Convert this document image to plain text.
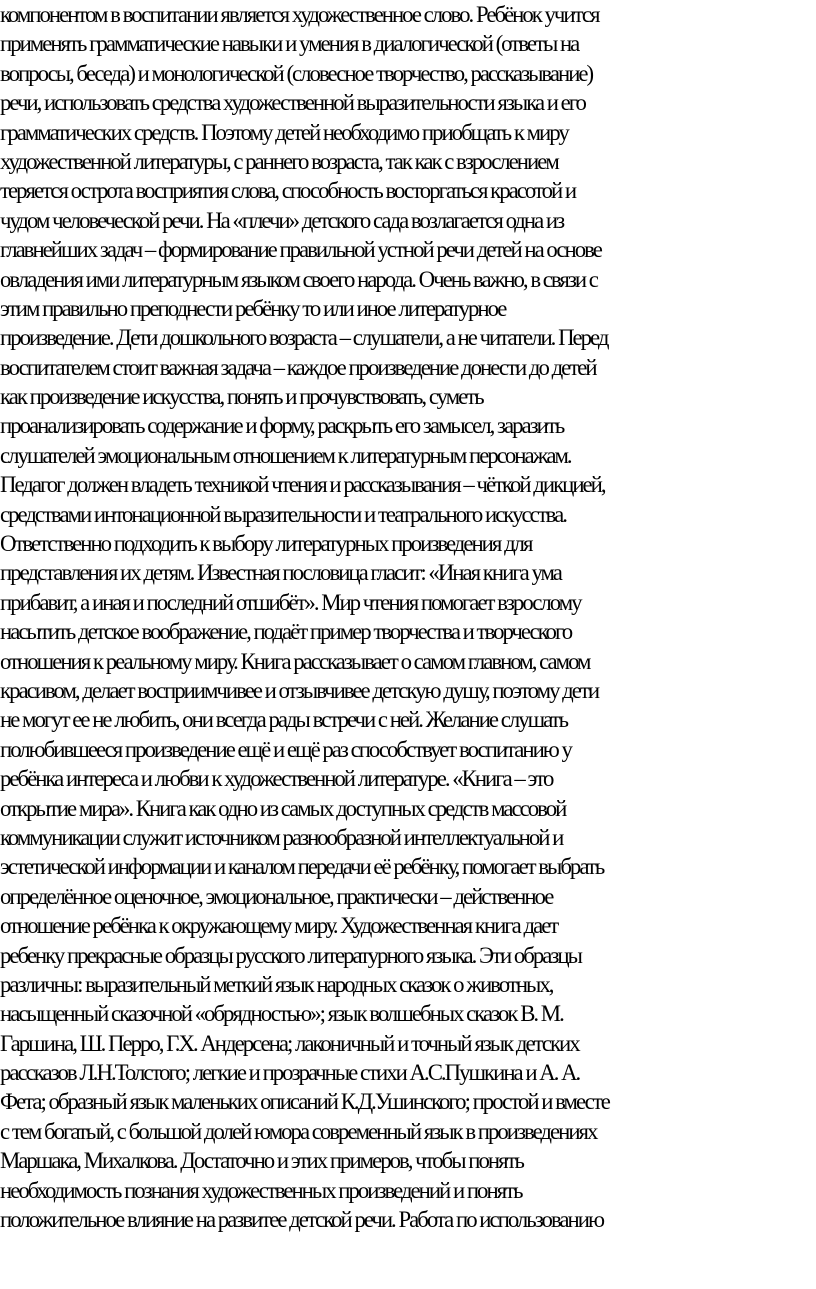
компонентом в воспитании является художественное слово. Ребёнок учится
применять грамматические навыки и умения в диалогической (ответы на
вопросы, беседа) и монологической (словесное творчество, рассказывание)
речи, использовать средства художественной выразительности языка и его
грамматических средств. Поэтому детей необходимо приобщать к миру
художественной литературы, с раннего возраста, так как с взрослением
теряется острота восприятия слова, способность восторгаться красотой и
чудом человеческой речи. На «плечи» детского сада возлагается одна из
главнейших задач – формирование правильной устной речи детей на основе
овладения ими литературным языком своего народа. Очень важно, в связи с
этим правильно преподнести ребёнку то или иное литературное
произведение. Дети дошкольного возраста – слушатели, а не читатели. Перед
воспитателем стоит важная задача – каждое произведение донести до детей
как произведение искусства, понять и прочувствовать, суметь
проанализировать содержание и форму, раскрыть его замысел, заразить
слушателей эмоциональным отношением к литературным персонажам.
Педагог должен владеть техникой чтения и рассказывания – чёткой дикцией,
средствами интонационной выразительности и театрального искусства.
Ответственно подходить к выбору литературных произведения для
представления их детям. Известная пословица гласит: «Иная книга ума
прибавит, а иная и последний отшибёт». Мир чтения помогает взрослому
насытить детское воображение, подаёт пример творчества и творческого
отношения к реальному миру. Книга рассказывает о самом главном, самом
красивом, делает восприимчивее и отзывчивее детскую душу, поэтому дети
не могут ее не любить, они всегда рады встречи с ней. Желание слушать
полюбившееся произведение ещё и ещё раз способствует воспитанию у
ребёнка интереса и любви к художественной литературе. «Книга – это
открытие мира». Книга как одно из самых доступных средств массовой
коммуникации служит источником разнообразной интеллектуальной и
эстетической информации и каналом передачи её ребёнку, помогает выбрать
определённое оценочное, эмоциональное, практически – действенное
отношение ребёнка к окружающему миру. Художественная книга дает
ребенку прекрасные образцы русского литературного языка. Эти образцы
различны: выразительный меткий язык народных сказок о животных,
насыщенный сказочной «обрядностью»; язык волшебных сказок В. М.
Гаршина, Ш. Перро, Г.Х. Андерсена; лаконичный и точный язык детских
рассказов Л.Н.Толстого; легкие и прозрачные стихи А.С.Пушкина и А. А.
Фета; образный язык маленьких описаний К.Д.Ушинского; простой и вместе
с тем богатый, с большой долей юмора современный язык в произведениях
Маршака, Михалкова. Достаточно и этих примеров, чтобы понять
необходимость познания художественных произведений и понять
положительное влияние на развитее детской речи. Работа по использованию
